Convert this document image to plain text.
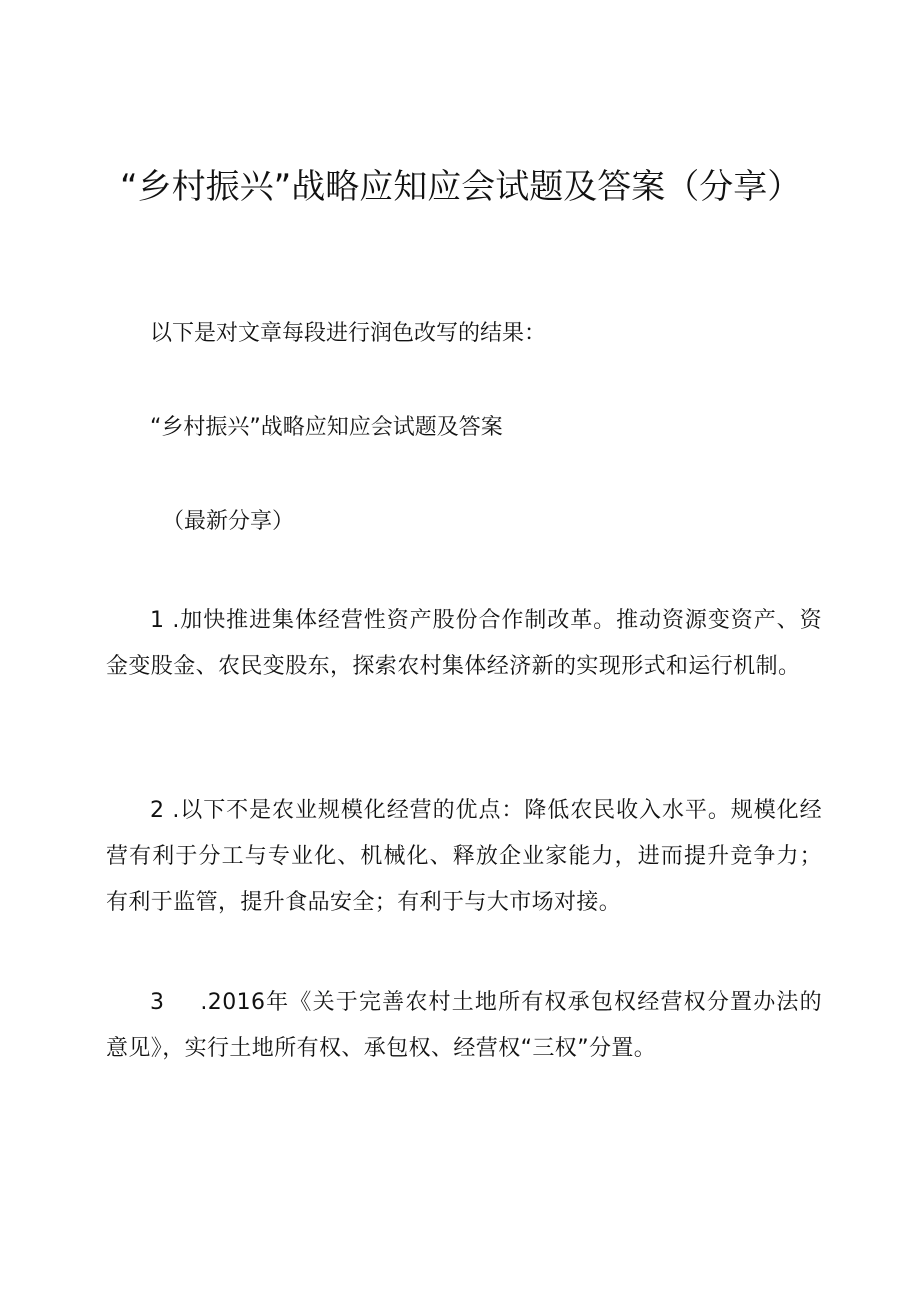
“乡村振兴”战略应知应会试题及答案（分享）

以下是对文章每段进行润色改写的结果：

“乡村振兴”战略应知应会试题及答案

（最新分享）

1 .加快推进集体经营性资产股份合作制改革。推动资源变资产、资金变股金、农民变股东，探索农村集体经济新的实现形式和运行机制。

2 .以下不是农业规模化经营的优点：降低农民收入水平。规模化经营有利于分工与专业化、机械化、释放企业家能力，进而提升竞争力；有利于监管，提升食品安全；有利于与大市场对接。

3 .2016年《关于完善农村土地所有权承包权经营权分置办法的意见》，实行土地所有权、承包权、经营权“三权”分置。
